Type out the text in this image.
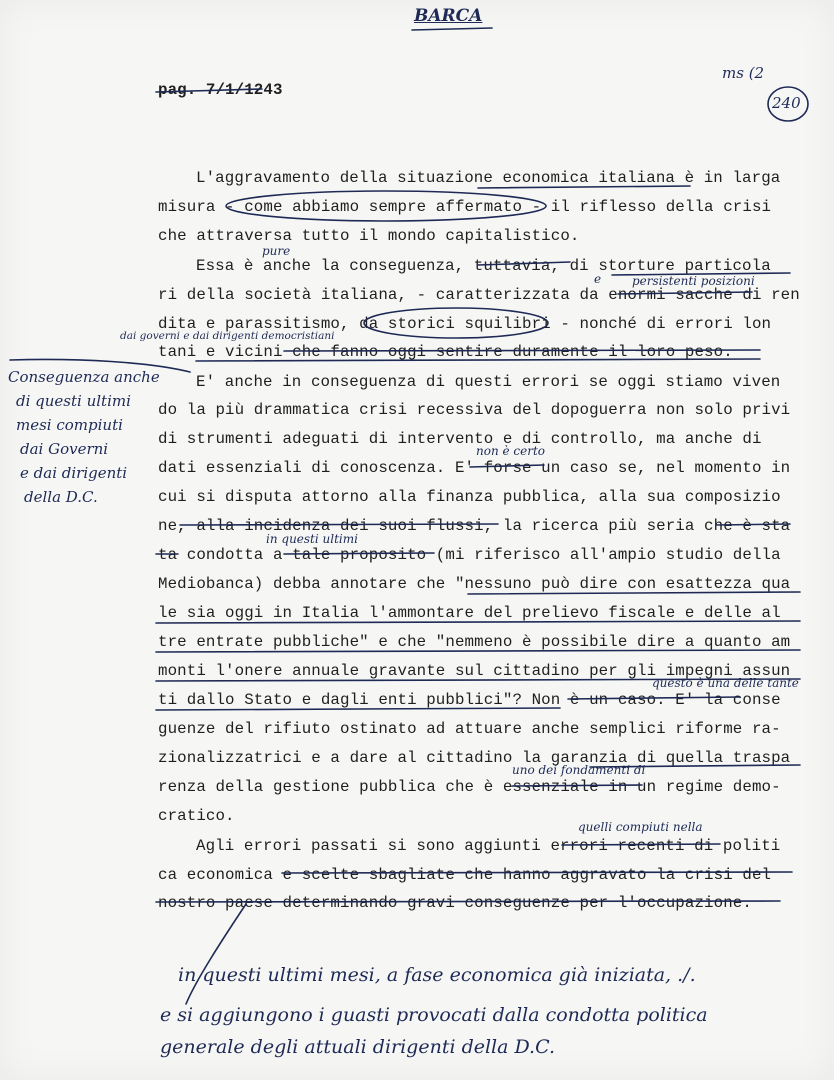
BARCA
pag. 7/1/1243
ms (2
240
L'aggravamento della situazione economica italiana è in larga
misura - come abbiamo sempre affermato - il riflesso della crisi
che attraversa tutto il mondo capitalistico.
Essa è anche la conseguenza, tuttavia, di storture particola
ri della società italiana, - caratterizzata da enormi sacche di ren
dita e parassitismo, da storici squilibri - nonché di errori lon
tani e vicini che fanno oggi sentire duramente il loro peso.
E' anche in conseguenza di questi errori se oggi stiamo viven
do la più drammatica crisi recessiva del dopoguerra non solo privi
di strumenti adeguati di intervento e di controllo, ma anche di
dati essenziali di conoscenza. E' forse un caso se, nel momento in
cui si disputa attorno alla finanza pubblica, alla sua composizio
ne, alla incidenza dei suoi flussi, la ricerca più seria che è sta
ta condotta a tale proposito (mi riferisco all'ampio studio della
Mediobanca) debba annotare che "nessuno può dire con esattezza qua
le sia oggi in Italia l'ammontare del prelievo fiscale e delle al
tre entrate pubbliche" e che "nemmeno è possibile dire a quanto am
monti l'onere annuale gravante sul cittadino per gli impegni assun
ti dallo Stato e dagli enti pubblici"? Non è un caso. E' la conse
guenze del rifiuto ostinato ad attuare anche semplici riforme ra-
zionalizzatrici e a dare al cittadino la garanzia di quella traspa
renza della gestione pubblica che è essenziale in un regime demo-
cratico.
Agli errori passati si sono aggiunti errori recenti di politi
ca economica e scelte sbagliate che hanno aggravato la crisi del
nostro paese determinando gravi conseguenze per l'occupazione.
pure
e	persistenti posizioni
dai governi e dai dirigenti democristiani
non è certo
in questi ultimi
questo è una delle tante
uno dei fondamenti di
quelli compiuti nella
Conseguenza anche
di questi ultimi
mesi compiuti
dai Governi
e dai dirigenti
della D.C.
in questi ultimi mesi, a fase economica già iniziata, ./.
e si aggiungono i guasti provocati dalla condotta politica
generale degli attuali dirigenti della D.C.
